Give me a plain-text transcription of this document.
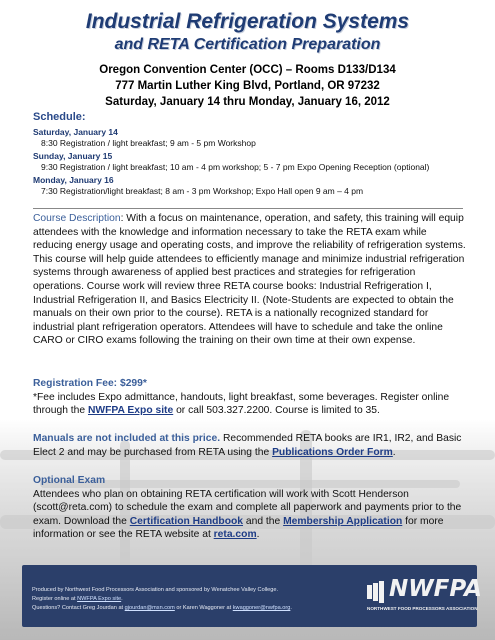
Industrial Refrigeration Systems
and RETA Certification Preparation
Oregon Convention Center (OCC) – Rooms D133/D134
777 Martin Luther King Blvd, Portland, OR 97232
Saturday, January 14 thru Monday, January 16, 2012
Schedule:
Saturday, January 14
8:30 Registration / light breakfast; 9 am - 5 pm Workshop
Sunday, January 15
9:30 Registration / light breakfast; 10 am - 4 pm workshop; 5 - 7 pm Expo Opening Reception (optional)
Monday, January 16
7:30 Registration/light breakfast; 8 am - 3 pm Workshop; Expo Hall open 9 am – 4 pm
Course Description: With a focus on maintenance, operation, and safety, this training will equip attendees with the knowledge and information necessary to take the RETA exam while reducing energy usage and operating costs, and improve the reliability of refrigeration systems. This course will help guide attendees to efficiently manage and minimize industrial refrigeration systems through awareness of applied best practices and strategies for refrigeration operations. Course work will review three RETA course books: Industrial Refrigeration I, Industrial Refrigeration II, and Basics Electricity II. (Note-Students are expected to obtain the manuals on their own prior to the course). RETA is a nationally recognized standard for industrial plant refrigeration operators. Attendees will have to schedule and take the online CARO or CIRO exams following the training on their own time at their own expense.
Registration Fee: $299*
*Fee includes Expo admittance, handouts, light breakfast, some beverages. Register online through the NWFPA Expo site or call 503.327.2200. Course is limited to 35.
Manuals are not included at this price. Recommended RETA books are IR1, IR2, and Basic Elect 2 and may be purchased from RETA using the Publications Order Form.
Optional Exam
Attendees who plan on obtaining RETA certification will work with Scott Henderson (scott@reta.com) to schedule the exam and complete all paperwork and payments prior to the exam. Download the Certification Handbook and the Membership Application for more information or see the RETA website at reta.com.
Produced by Northwest Food Processors Association and sponsored by Wenatchee Valley College.
Register online at NWFPA Expo site.
Questions? Contact Greg Jourdan at gjourdan@msn.com or Karen Waggoner at kwaggoner@nwfpa.org.
NWFPA
NORTHWEST FOOD PROCESSORS ASSOCIATION
